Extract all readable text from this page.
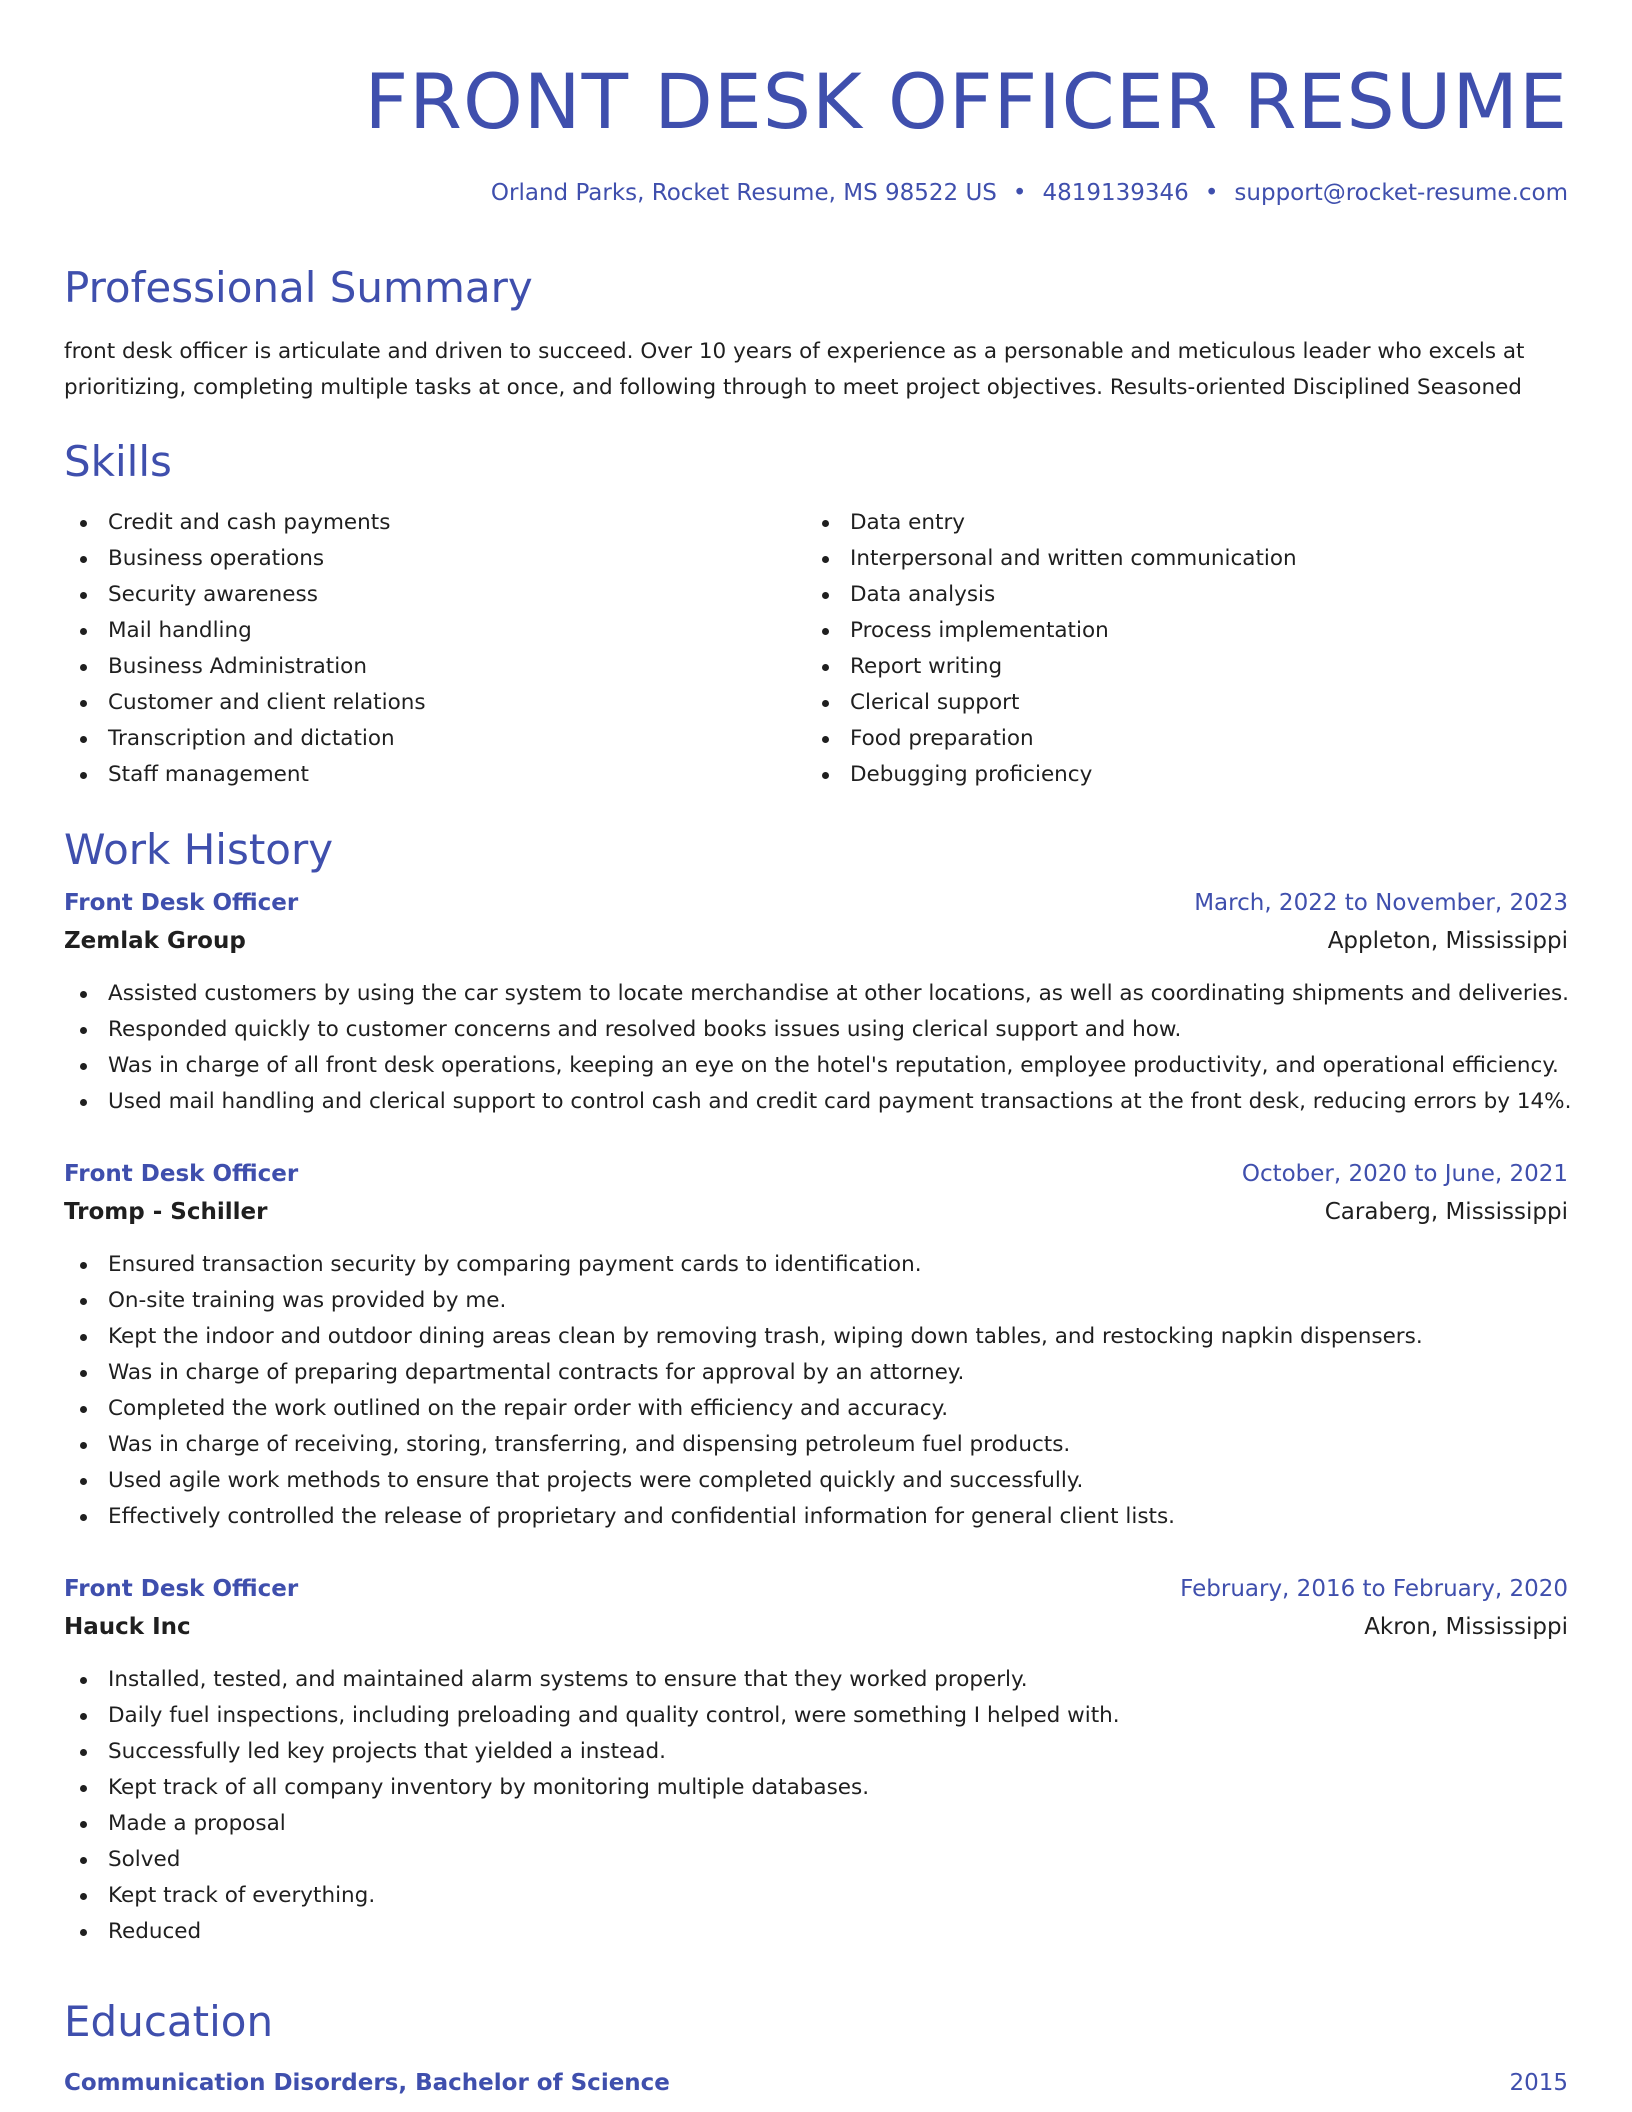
FRONT DESK OFFICER RESUME
Orland Parks, Rocket Resume, MS 98522 US • 4819139346 • support@rocket-resume.com
Professional Summary

front desk officer is articulate and driven to succeed. Over 10 years of experience as a personable and meticulous leader who excels at prioritizing, completing multiple tasks at once, and following through to meet project objectives. Results-oriented Disciplined Seasoned

Skills
Credit and cash payments
Business operations
Security awareness
Mail handling
Business Administration
Customer and client relations
Transcription and dictation
Staff management
Data entry
Interpersonal and written communication
Data analysis
Process implementation
Report writing
Clerical support
Food preparation
Debugging proficiency
Work History
Front Desk Officer	March, 2022 to November, 2023
Zemlak Group	Appleton, Mississippi
Assisted customers by using the car system to locate merchandise at other locations, as well as coordinating shipments and deliveries.
Responded quickly to customer concerns and resolved books issues using clerical support and how.
Was in charge of all front desk operations, keeping an eye on the hotel's reputation, employee productivity, and operational efficiency.
Used mail handling and clerical support to control cash and credit card payment transactions at the front desk, reducing errors by 14%.
Front Desk Officer	October, 2020 to June, 2021
Tromp - Schiller	Caraberg, Mississippi
Ensured transaction security by comparing payment cards to identification.
On-site training was provided by me.
Kept the indoor and outdoor dining areas clean by removing trash, wiping down tables, and restocking napkin dispensers.
Was in charge of preparing departmental contracts for approval by an attorney.
Completed the work outlined on the repair order with efficiency and accuracy.
Was in charge of receiving, storing, transferring, and dispensing petroleum fuel products.
Used agile work methods to ensure that projects were completed quickly and successfully.
Effectively controlled the release of proprietary and confidential information for general client lists.
Front Desk Officer	February, 2016 to February, 2020
Hauck Inc	Akron, Mississippi
Installed, tested, and maintained alarm systems to ensure that they worked properly.
Daily fuel inspections, including preloading and quality control, were something I helped with.
Successfully led key projects that yielded a instead.
Kept track of all company inventory by monitoring multiple databases.
Made a proposal
Solved
Kept track of everything.
Reduced
Education
Communication Disorders, Bachelor of Science	2015
